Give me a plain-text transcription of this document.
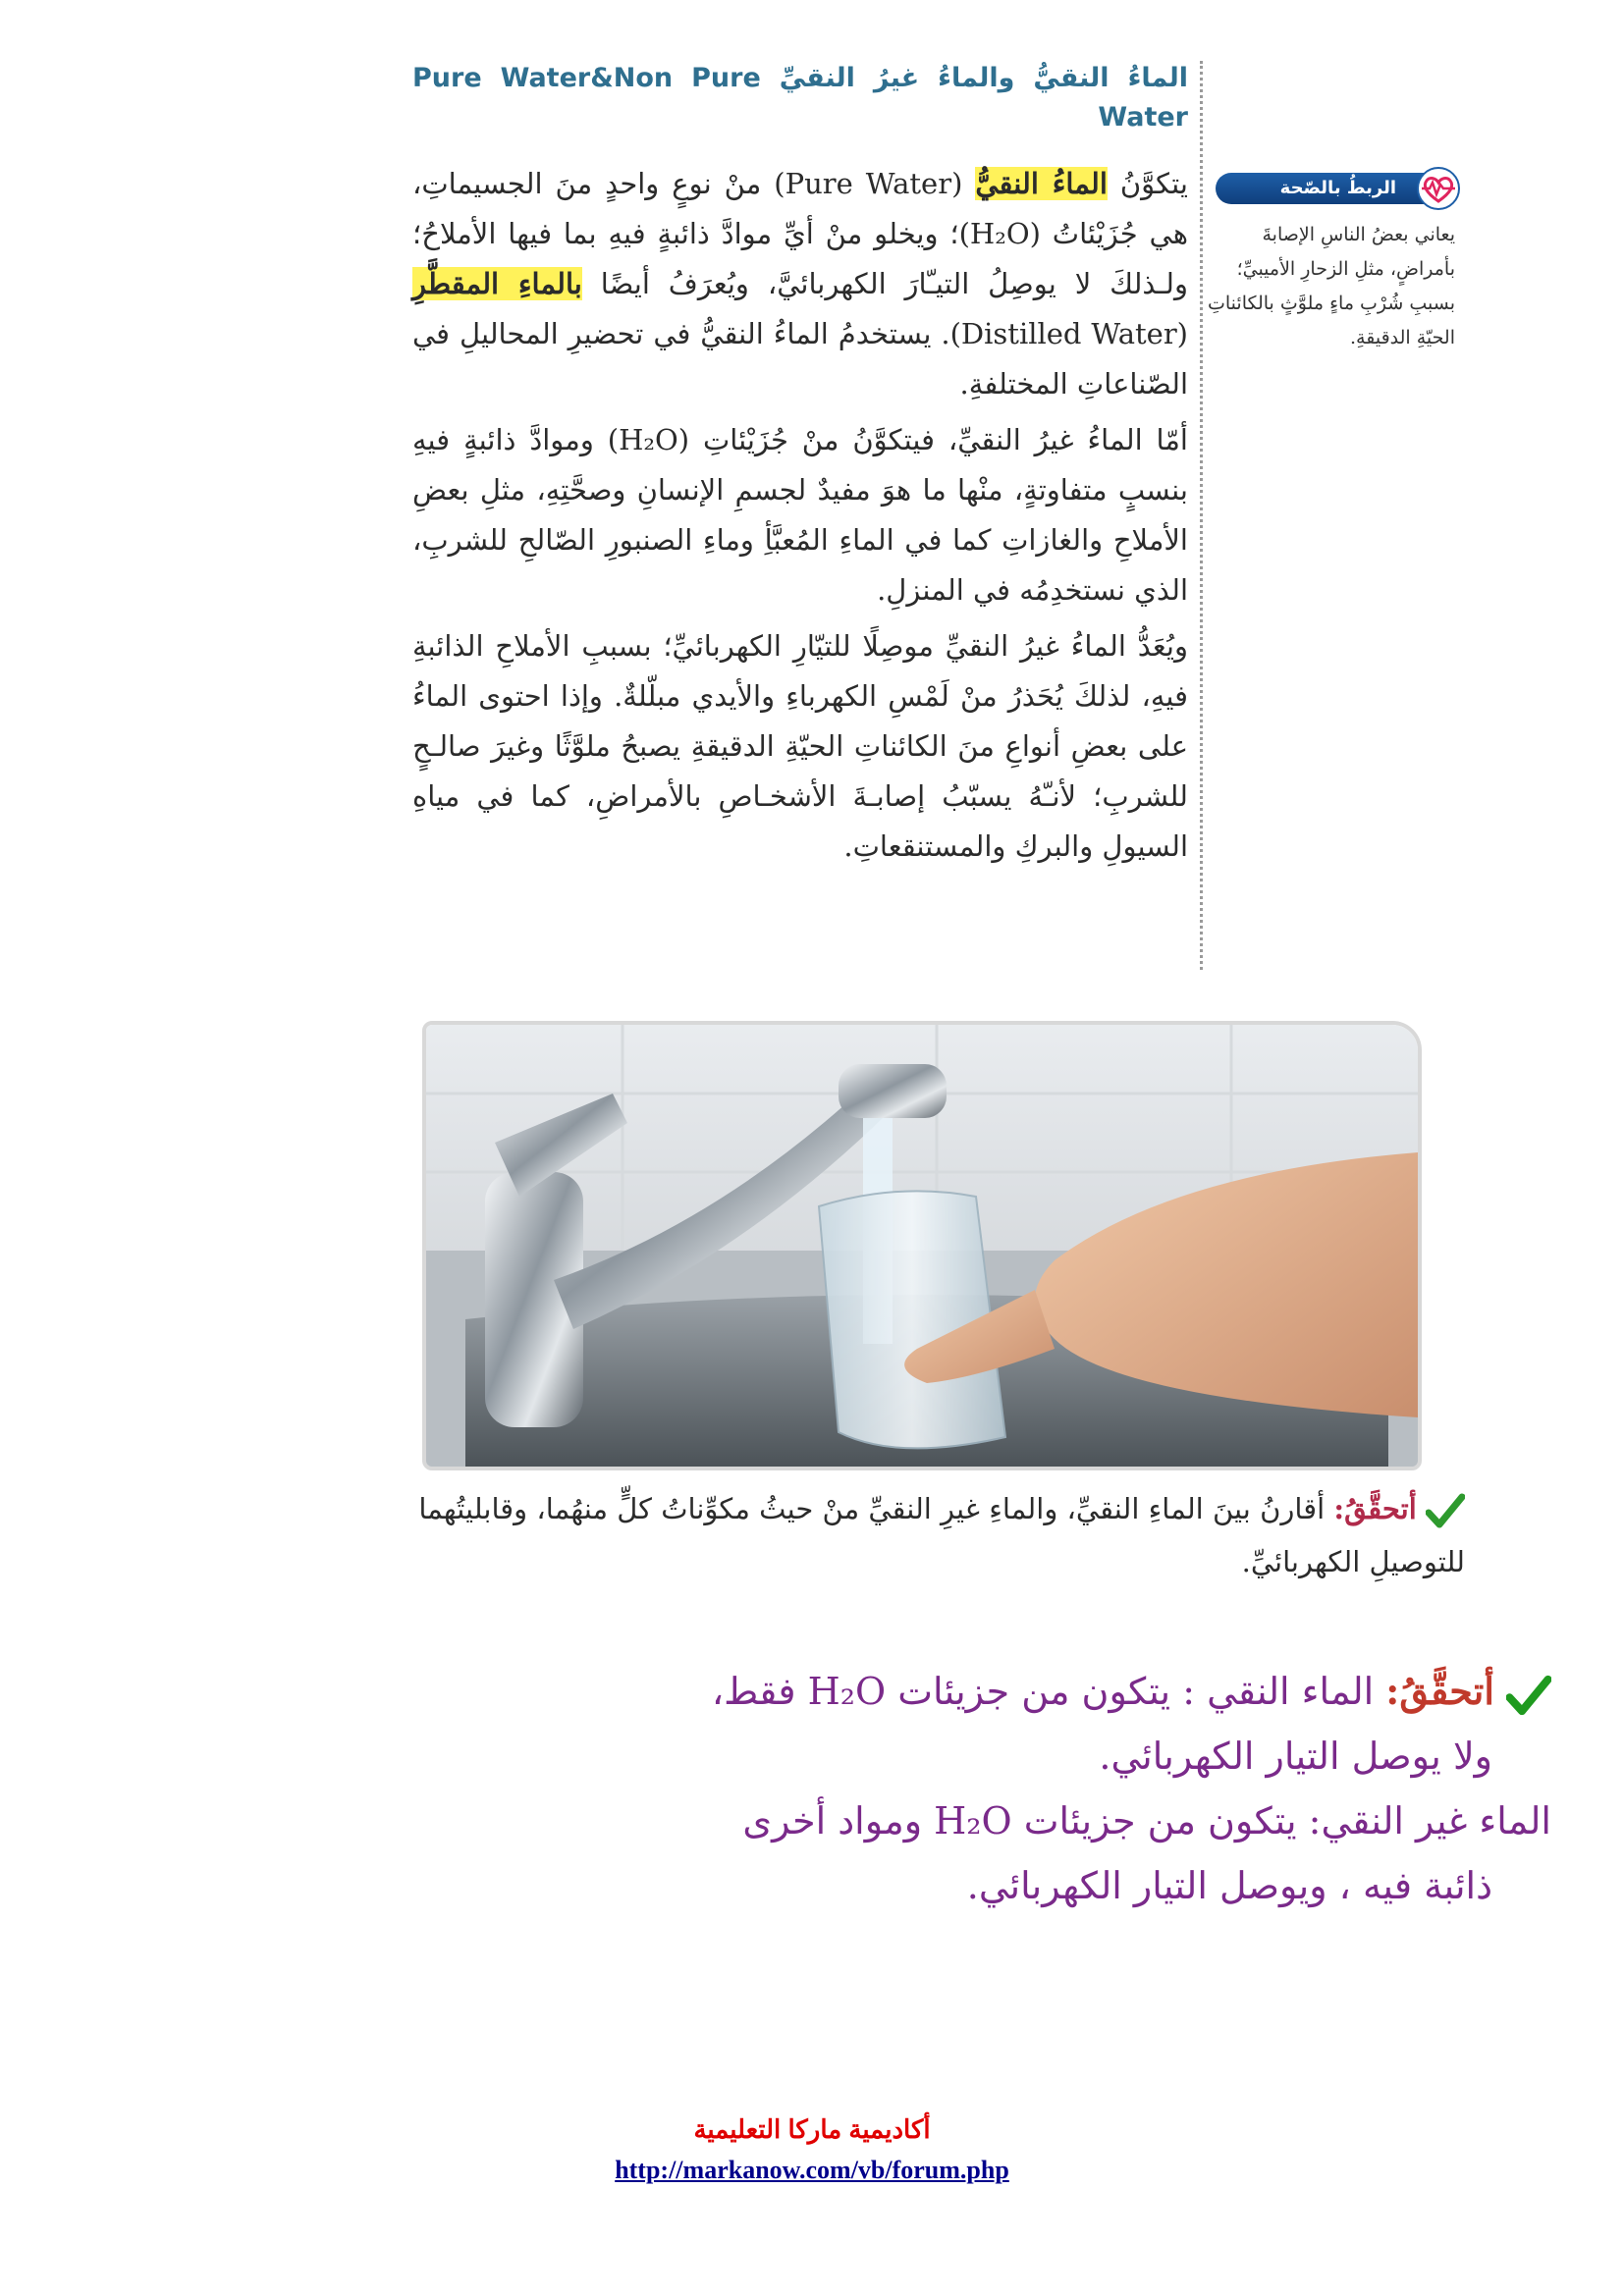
الماءُ النقيُّ والماءُ غيرُ النقيِّ Pure Water&Non Pure Water

يتكوَّنُ الماءُ النقيُّ (Pure Water) منْ نوعٍ واحدٍ منَ الجسيماتِ، هي جُزَيْئاتُ (H₂O)؛ ويخلو منْ أيِّ موادَّ ذائبةٍ فيهِ بما فيها الأملاحُ؛ ولـذلكَ لا يوصِلُ التيـّارَ الكهربائيَّ، ويُعرَفُ أيضًا بالماءِ المقطَّرِ (Distilled Water). يستخدمُ الماءُ النقيُّ في تحضيرِ المحاليلِ في الصّناعاتِ المختلفةِ.

أمّا الماءُ غيرُ النقيِّ، فيتكوَّنُ منْ جُزَيْئاتِ (H₂O) وموادَّ ذائبةٍ فيهِ بنسبٍ متفاوتةٍ، منْها ما هوَ مفيدٌ لجسمِ الإنسانِ وصحَّتِهِ، مثلِ بعضِ الأملاحِ والغازاتِ كما في الماءِ المُعبَّأِ وماءِ الصنبورِ الصّالحِ للشربِ، الذي نستخدِمُه في المنزلِ.

ويُعَدُّ الماءُ غيرُ النقيِّ موصِلًا للتيّارِ الكهربائيِّ؛ بسببِ الأملاحِ الذائبةِ فيهِ، لذلكَ يُحَذرُ منْ لَمْسِ الكهرباءِ والأيدي مبلّلةٌ. وإذا احتوى الماءُ على بعضِ أنواعِ منَ الكائناتِ الحيّةِ الدقيقةِ يصبحُ ملوَّثًا وغيرَ صالـحٍ للشربِ؛ لأنـّهُ يسبّبُ إصابـةَ الأشخـاصِ بالأمراضِ، كما في مياهِ السيولِ والبركِ والمستنقعاتِ.

الربطُ بالصّحة
يعاني بعضُ الناسِ الإصابةَ بأمراضٍ، مثلِ الزحارِ الأميبيِّ؛ بسببِ شُرْبِ ماءٍ ملوَّثٍ بالكائناتِ الحيّةِ الدقيقةِ.
أتحقَّقُ: أقارنُ بينَ الماءِ النقيِّ، والماءِ غيرِ النقيِّ منْ حيثُ مكوِّناتُ كلٍّ منهُما، وقابليتُهما للتوصيلِ الكهربائيِّ.
أتحقَّقُ: الماء النقي : يتكون من جزيئات H₂O فقط،
ولا يوصل التيار الكهربائي.
الماء غير النقي: يتكون من جزيئات H₂O ومواد أخرى
ذائبة فيه ، ويوصل التيار الكهربائي.
أكاديمية ماركا التعليمية
http://markanow.com/vb/forum.php
